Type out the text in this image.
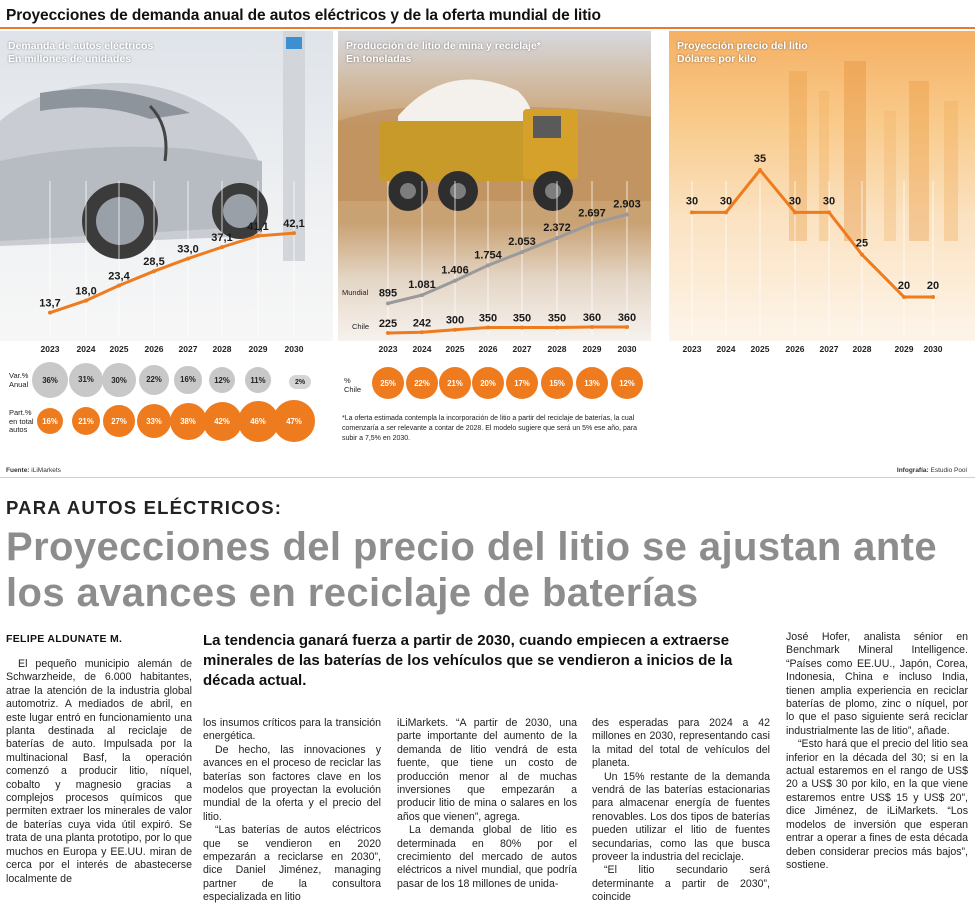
Proyecciones de demanda anual de autos eléctricos y de la oferta mundial de litio
13,7
18,0
23,4
28,5
33,0
37,1
41,1 42,1
Demanda de autos eléctricos
En millones de unidades
895
1.081
1.406
1.754
2.053
2.372
2.697
2.903
225 242 300 350 350 350 360 360
Mundial
Chile
Producción de litio de mina y reciclaje*
En toneladas
30 30
35
30 30
25
20 20
Proyección precio del litio
Dólares por kilo
Var.% Anual	36%	31%	30%	22%	16%	12%	11%	2%
Part.% en total autos
16%	21%	27%	33%	38%	42%	46%	47%
% Chile
25%	22%	21%	20%	17%	15%	13%	12%
*La oferta estimada contempla la incorporación de litio a partir del reciclaje de baterías, la cual comenzaría a ser relevante a contar de 2028. El modelo sugiere que será un 5% ese año, para subir a 7,5% en 2030.
Fuente: iLiMarkets	Infografía: Estudio Pool
PARA AUTOS ELÉCTRICOS:
Proyecciones del precio del litio se ajustan ante los avances en reciclaje de baterías
FELIPE ALDUNATE M.	La tendencia ganará fuerza a partir de 2030, cuando empiecen a extraerse minerales de las baterías de los vehículos que se vendieron a inicios de la década actual.

El pequeño municipio alemán de Schwarzheide, de 6.000 habitantes, atrae la atención de la industria global automotriz. A mediados de abril, en este lugar entró en funcionamiento una planta destinada al reciclaje de baterías de auto. Impulsada por la multinacional Basf, la operación comenzó a producir litio, níquel, cobalto y magnesio gracias a complejos procesos químicos que permiten extraer los minerales de valor de baterías cuya vida útil expiró. Se trata de una planta prototipo, por lo que muchos en Europa y EE.UU. miran de cerca por el interés de abastecerse localmente de

los insumos críticos para la transición energética.

De hecho, las innovaciones y avances en el proceso de reciclar las baterías son factores clave en los modelos que proyectan la evolución mundial de la oferta y el precio del litio.

“Las baterías de autos eléctricos que se vendieron en 2020 empezarán a reciclarse en 2030”, dice Daniel Jiménez, managing partner de la consultora especializada en litio

iLiMarkets. “A partir de 2030, una parte importante del aumento de la demanda de litio vendrá de esta fuente, que tiene un costo de producción menor al de muchas inversiones que empezarán a producir litio de mina o salares en los años que vienen”, agrega.

La demanda global de litio es determinada en 80% por el crecimiento del mercado de autos eléctricos a nivel mundial, que podría pasar de los 18 millones de unida-

des esperadas para 2024 a 42 millones en 2030, representando casi la mitad del total de vehículos del planeta.

Un 15% restante de la demanda vendrá de las baterías estacionarias para almacenar energía de fuentes renovables. Los dos tipos de baterías pueden utilizar el litio de fuentes secundarias, como las que busca proveer la industria del reciclaje.

“El litio secundario será determinante a partir de 2030”, coincide

José Hofer, analista sénior en Benchmark Mineral Intelligence. “Países como EE.UU., Japón, Corea, Indonesia, China e incluso India, tienen amplia experiencia en reciclar baterías de plomo, zinc o níquel, por lo que el paso siguiente será reciclar industrialmente las de litio”, añade.

“Esto hará que el precio del litio sea inferior en la década del 30; si en la actual estaremos en el rango de US$ 20 a US$ 30 por kilo, en la que viene estaremos entre US$ 15 y US$ 20”, dice Jiménez, de iLiMarkets. “Los modelos de inversión que esperan entrar a operar a fines de esta década deben considerar precios más bajos”, sostiene.

2023	2024	2025	2026	2027	2028	2029	2030	2023	2024	2025	2026	2027	2028	2029	2030	2023	2024	2025	2026	2027	2028	2029	2030
